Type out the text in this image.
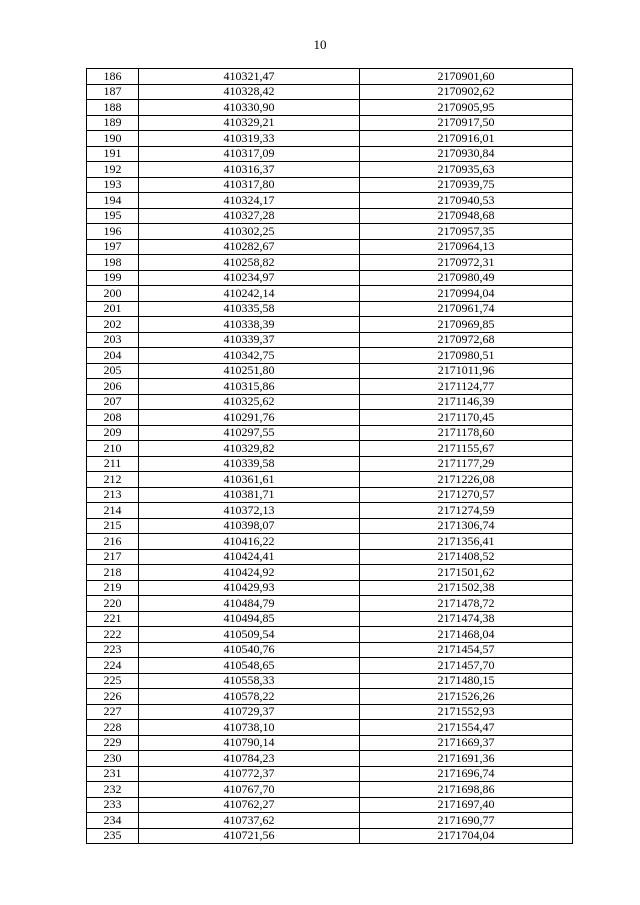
10
186	410321,47	2170901,60
187	410328,42	2170902,62
188	410330,90	2170905,95
189	410329,21	2170917,50
190	410319,33	2170916,01
191	410317,09	2170930,84
192	410316,37	2170935,63
193	410317,80	2170939,75
194	410324,17	2170940,53
195	410327,28	2170948,68
196	410302,25	2170957,35
197	410282,67	2170964,13
198	410258,82	2170972,31
199	410234,97	2170980,49
200	410242,14	2170994,04
201	410335,58	2170961,74
202	410338,39	2170969,85
203	410339,37	2170972,68
204	410342,75	2170980,51
205	410251,80	2171011,96
206	410315,86	2171124,77
207	410325,62	2171146,39
208	410291,76	2171170,45
209	410297,55	2171178,60
210	410329,82	2171155,67
211	410339,58	2171177,29
212	410361,61	2171226,08
213	410381,71	2171270,57
214	410372,13	2171274,59
215	410398,07	2171306,74
216	410416,22	2171356,41
217	410424,41	2171408,52
218	410424,92	2171501,62
219	410429,93	2171502,38
220	410484,79	2171478,72
221	410494,85	2171474,38
222	410509,54	2171468,04
223	410540,76	2171454,57
224	410548,65	2171457,70
225	410558,33	2171480,15
226	410578,22	2171526,26
227	410729,37	2171552,93
228	410738,10	2171554,47
229	410790,14	2171669,37
230	410784,23	2171691,36
231	410772,37	2171696,74
232	410767,70	2171698,86
233	410762,27	2171697,40
234	410737,62	2171690,77
235	410721,56	2171704,04
